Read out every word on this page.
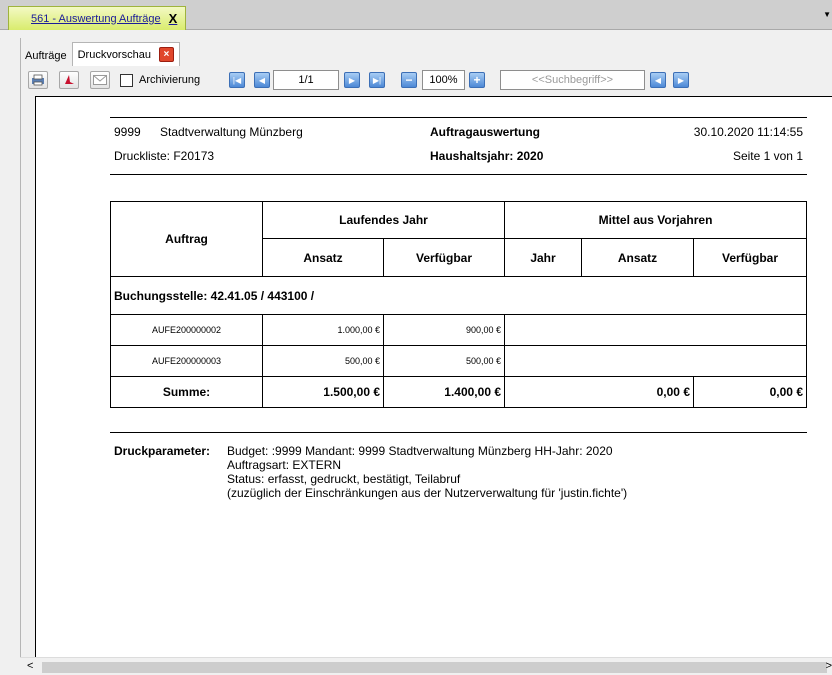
561 - Auswertung Aufträge X	▼
Aufträge	Druckvorschau	×
Archivierung	|◀	◀	1/1	▶	▶|	−	100%	+	<<Suchbegriff>>	◀	▶
9999 Stadtverwaltung Münzberg	Auftragauswertung	30.10.2020 11:14:55
Druckliste: F20173	Haushaltsjahr: 2020	Seite 1 von 1
Auftrag	Laufendes Jahr		Mittel aus Vorjahren		
	Ansatz	Verfügbar	Jahr	Ansatz	Verfügbar
Buchungsstelle: 42.41.05 / 443100 /					
AUFE200000002	1.000,00 €	900,00 €			
AUFE200000003	500,00 €	500,00 €			
Summe:	1.500,00 €	1.400,00 €	0,00 €		0,00 €
Druckparameter: Budget: :9999 Mandant: 9999 Stadtverwaltung Münzberg HH-Jahr: 2020
Auftragsart: EXTERN
Status: erfasst, gedruckt, bestätigt, Teilabruf
(zuzüglich der Einschränkungen aus der Nutzerverwaltung für 'justin.fichte')
<	>
